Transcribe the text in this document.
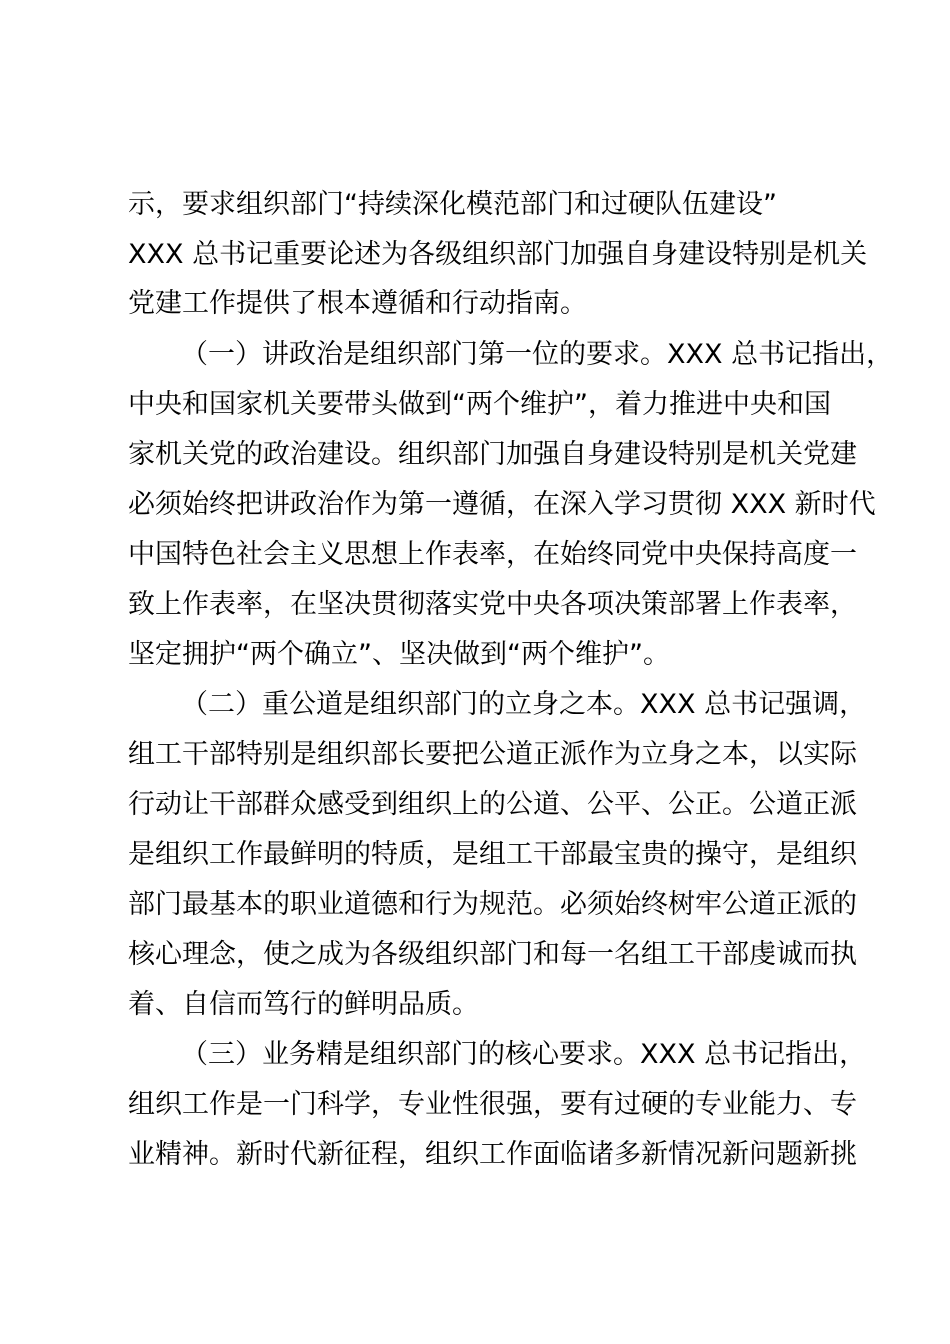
示，要求组织部门“持续深化模范部门和过硬队伍建设”
XXX 总书记重要论述为各级组织部门加强自身建设特别是机关
党建工作提供了根本遵循和行动指南。
（一）讲政治是组织部门第一位的要求。XXX 总书记指出，
中央和国家机关要带头做到“两个维护”，着力推进中央和国
家机关党的政治建设。组织部门加强自身建设特别是机关党建
必须始终把讲政治作为第一遵循，在深入学习贯彻 XXX 新时代
中国特色社会主义思想上作表率，在始终同党中央保持高度一
致上作表率，在坚决贯彻落实党中央各项决策部署上作表率，
坚定拥护“两个确立”、坚决做到“两个维护”。
（二）重公道是组织部门的立身之本。XXX 总书记强调，
组工干部特别是组织部长要把公道正派作为立身之本，以实际
行动让干部群众感受到组织上的公道、公平、公正。公道正派
是组织工作最鲜明的特质，是组工干部最宝贵的操守，是组织
部门最基本的职业道德和行为规范。必须始终树牢公道正派的
核心理念，使之成为各级组织部门和每一名组工干部虔诚而执
着、自信而笃行的鲜明品质。
（三）业务精是组织部门的核心要求。XXX 总书记指出，
组织工作是一门科学，专业性很强，要有过硬的专业能力、专
业精神。新时代新征程，组织工作面临诸多新情况新问题新挑
